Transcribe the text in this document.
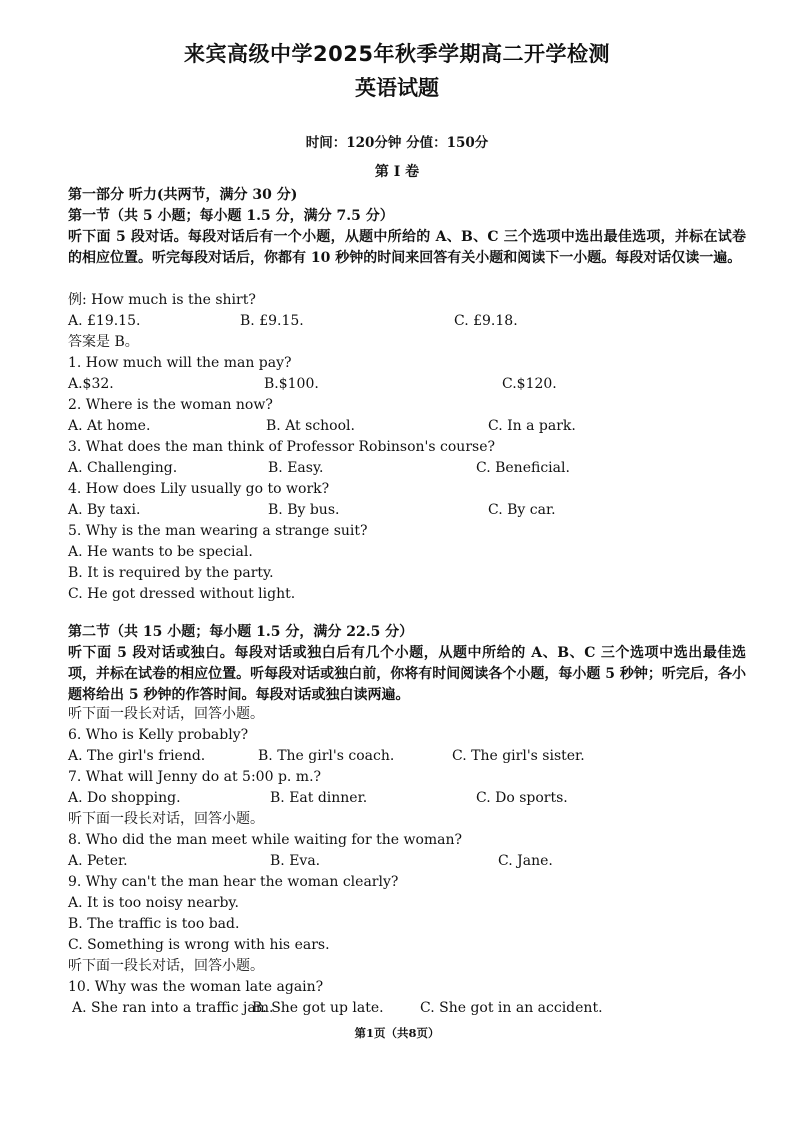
来宾高级中学2025年秋季学期高二开学检测
英语试题
时间：120分钟 分值：150分
第 I 卷
第一部分 听力(共两节，满分 30 分)
第一节（共 5 小题；每小题 1.5 分，满分 7.5 分）
听下面 5 段对话。每段对话后有一个小题，从题中所给的 A、B、C 三个选项中选出最佳选项，并标在试卷的相应位置。听完每段对话后，你都有 10 秒钟的时间来回答有关小题和阅读下一小题。每段对话仅读一遍。
例: How much is the shirt?
A. £19.15.	B. £9.15.	C. £9.18.
答案是 B。
1. How much will the man pay?
A.$32.	B.$100.	C.$120.
2. Where is the woman now?
A. At home.	B. At school.	C. In a park.
3. What does the man think of Professor Robinson's course?
A. Challenging.	B. Easy.	C. Beneficial.
4. How does Lily usually go to work?
A. By taxi.	B. By bus.	C. By car.
5. Why is the man wearing a strange suit?
A. He wants to be special.
B. It is required by the party.
C. He got dressed without light.
第二节（共 15 小题；每小题 1.5 分，满分 22.5 分）
听下面 5 段对话或独白。每段对话或独白后有几个小题，从题中所给的 A、B、C 三个选项中选出最佳选项，并标在试卷的相应位置。听每段对话或独白前，你将有时间阅读各个小题，每小题 5 秒钟；听完后，各小题将给出 5 秒钟的作答时间。每段对话或独白读两遍。
听下面一段长对话，回答小题。
6. Who is Kelly probably?
A. The girl's friend.	B. The girl's coach.	C. The girl's sister.
7. What will Jenny do at 5:00 p. m.?
A. Do shopping.	B. Eat dinner.	C. Do sports.
听下面一段长对话，回答小题。
8. Who did the man meet while waiting for the woman?
A. Peter.	B. Eva.	C. Jane.
9. Why can't the man hear the woman clearly?
A. It is too noisy nearby.
B. The traffic is too bad.
C. Something is wrong with his ears.
听下面一段长对话，回答小题。
10. Why was the woman late again?
A. She ran into a traffic jam.
B. She got up late.	C. She got in an accident.
第1页（共8页）
